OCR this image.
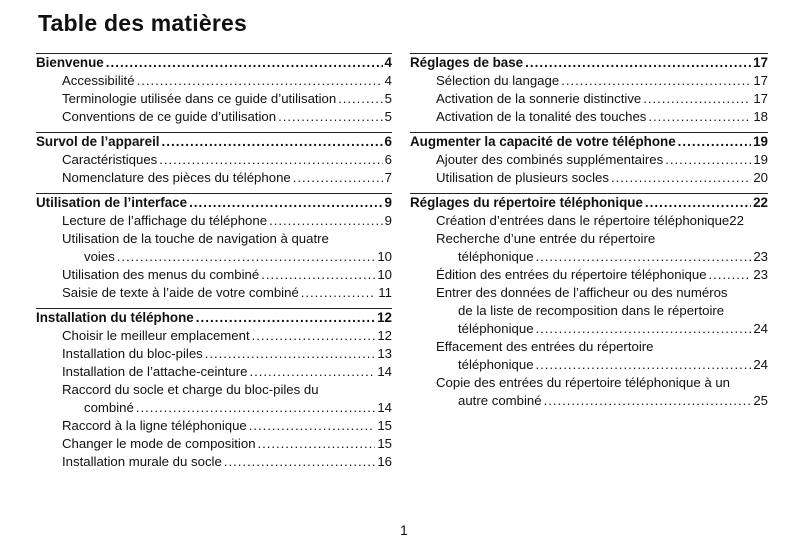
Table des matières
Bienvenue . . .	4
Accessibilité . . .	4
Terminologie utilisée dans ce guide d’utilisation . . .	5
Conventions de ce guide d’utilisation . . .	5
Survol de l’appareil . . .	6
Caractéristiques . . .	6
Nomenclature des pièces du téléphone . . .	7
Utilisation de l’interface . . .	9
Lecture de l’affichage du téléphone . . .	9
Utilisation de la touche de navigation à quatre
voies . . .	10
Utilisation des menus du combiné . . .	10
Saisie de texte à l’aide de votre combiné . . .	11
Installation du téléphone . . .	12
Choisir le meilleur emplacement . . .	12
Installation du bloc-piles . . .	13
Installation de l’attache-ceinture . . .	14
Raccord du socle et charge du bloc-piles du
combiné . . .	14
Raccord à la ligne téléphonique . . .	15
Changer le mode de composition . . .	15
Installation murale du socle . . .	16
Réglages de base . . .	17
Sélection du langage . . .	17
Activation de la sonnerie distinctive . . .	17
Activation de la tonalité des touches . . .	18
Augmenter la capacité de votre téléphone . . .	19
Ajouter des combinés supplémentaires . . .	19
Utilisation de plusieurs socles . . .	20
Réglages du répertoire téléphonique . . .	22
Création d’entrées dans le répertoire téléphonique 22
Recherche d’une entrée du répertoire
téléphonique . . .	23
Édition des entrées du répertoire téléphonique . . .	23
Entrer des données de l’afficheur ou des numéros
de la liste de recomposition dans le répertoire
téléphonique . . .	24
Effacement des entrées du répertoire
téléphonique . . .	24
Copie des entrées du répertoire téléphonique à un
autre combiné . . .	25
1
